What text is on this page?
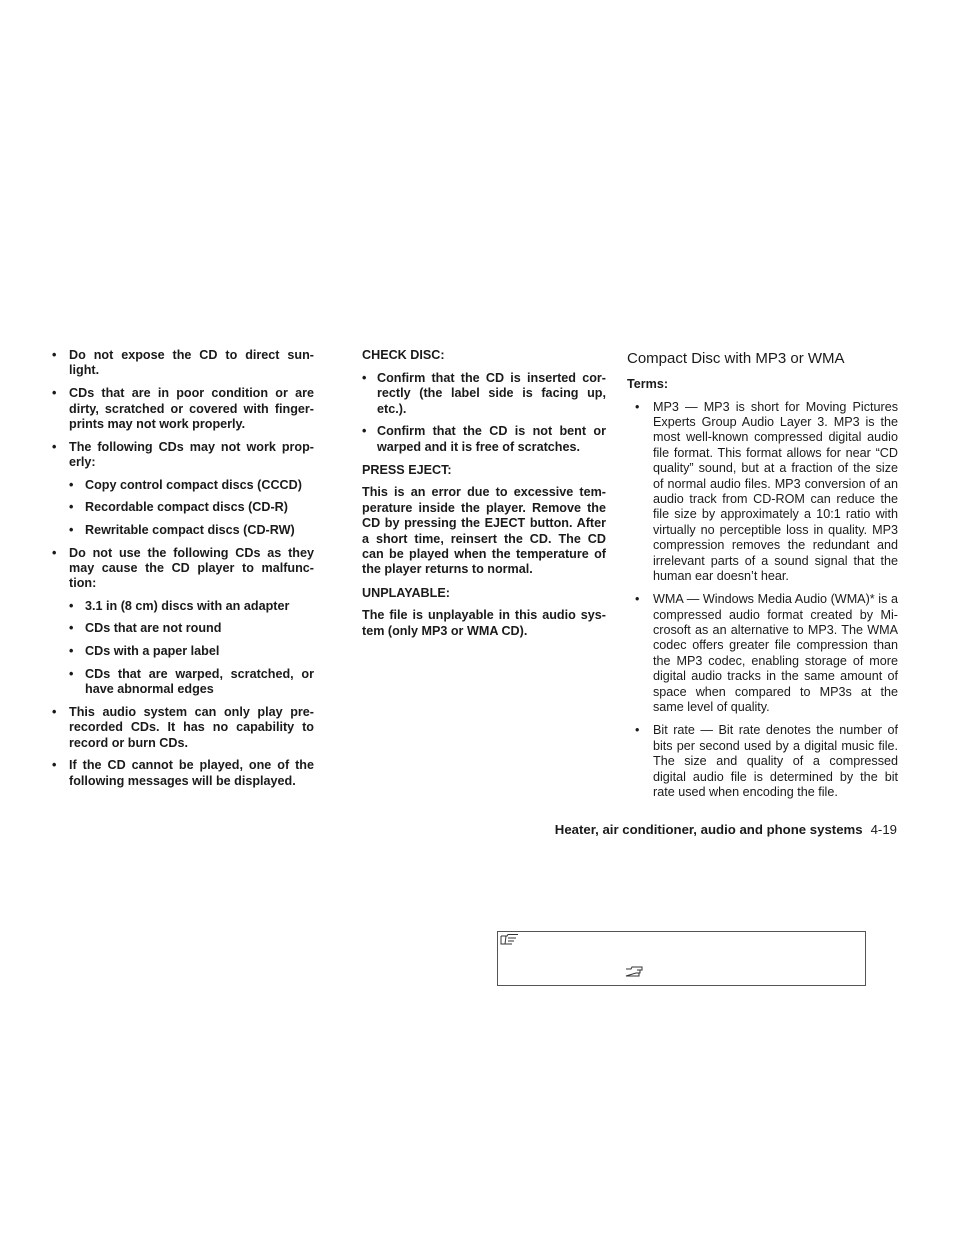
• Do not expose the CD to direct sun- light.
• CDs that are in poor condition or are dirty, scratched or covered with finger- prints may not work properly.
• The following CDs may not work prop- erly:
• Copy control compact discs (CCCD)
• Recordable compact discs (CD-R)
• Rewritable compact discs (CD-RW)
• Do not use the following CDs as they may cause the CD player to malfunc- tion:
• 3.1 in (8 cm) discs with an adapter
• CDs that are not round
• CDs with a paper label
• CDs that are warped, scratched, or have abnormal edges
• This audio system can only play pre- recorded CDs. It has no capability to record or burn CDs.
• If the CD cannot be played, one of the following messages will be displayed.
CHECK DISC:
• Confirm that the CD is inserted cor- rectly (the label side is facing up, etc.).
• Confirm that the CD is not bent or warped and it is free of scratches.
PRESS EJECT:

This is an error due to excessive tem- perature inside the player. Remove the CD by pressing the EJECT button. After a short time, reinsert the CD. The CD can be played when the temperature of the player returns to normal.

UNPLAYABLE:

The file is unplayable in this audio sys- tem (only MP3 or WMA CD).

Compact Disc with MP3 or WMA
Terms:
• MP3 — MP3 is short for Moving Pictures Experts Group Audio Layer 3. MP3 is the most well-known compressed digital audio file format. This format allows for near “CD quality” sound, but at a fraction of the size of normal audio files. MP3 conversion of an audio track from CD-ROM can reduce the file size by approximately a 10:1 ratio with virtually no perceptible loss in quality. MP3 compression removes the redundant and irrelevant parts of a sound signal that the human ear doesn’t hear.
• WMA — Windows Media Audio (WMA)* is a compressed audio format created by Mi- crosoft as an alternative to MP3. The WMA codec offers greater file compression than the MP3 codec, enabling storage of more digital audio tracks in the same amount of space when compared to MP3s at the same level of quality.
• Bit rate — Bit rate denotes the number of bits per second used by a digital music file. The size and quality of a compressed digital audio file is determined by the bit rate used when encoding the file.
Heater, air conditioner, audio and phone systems 4-19
